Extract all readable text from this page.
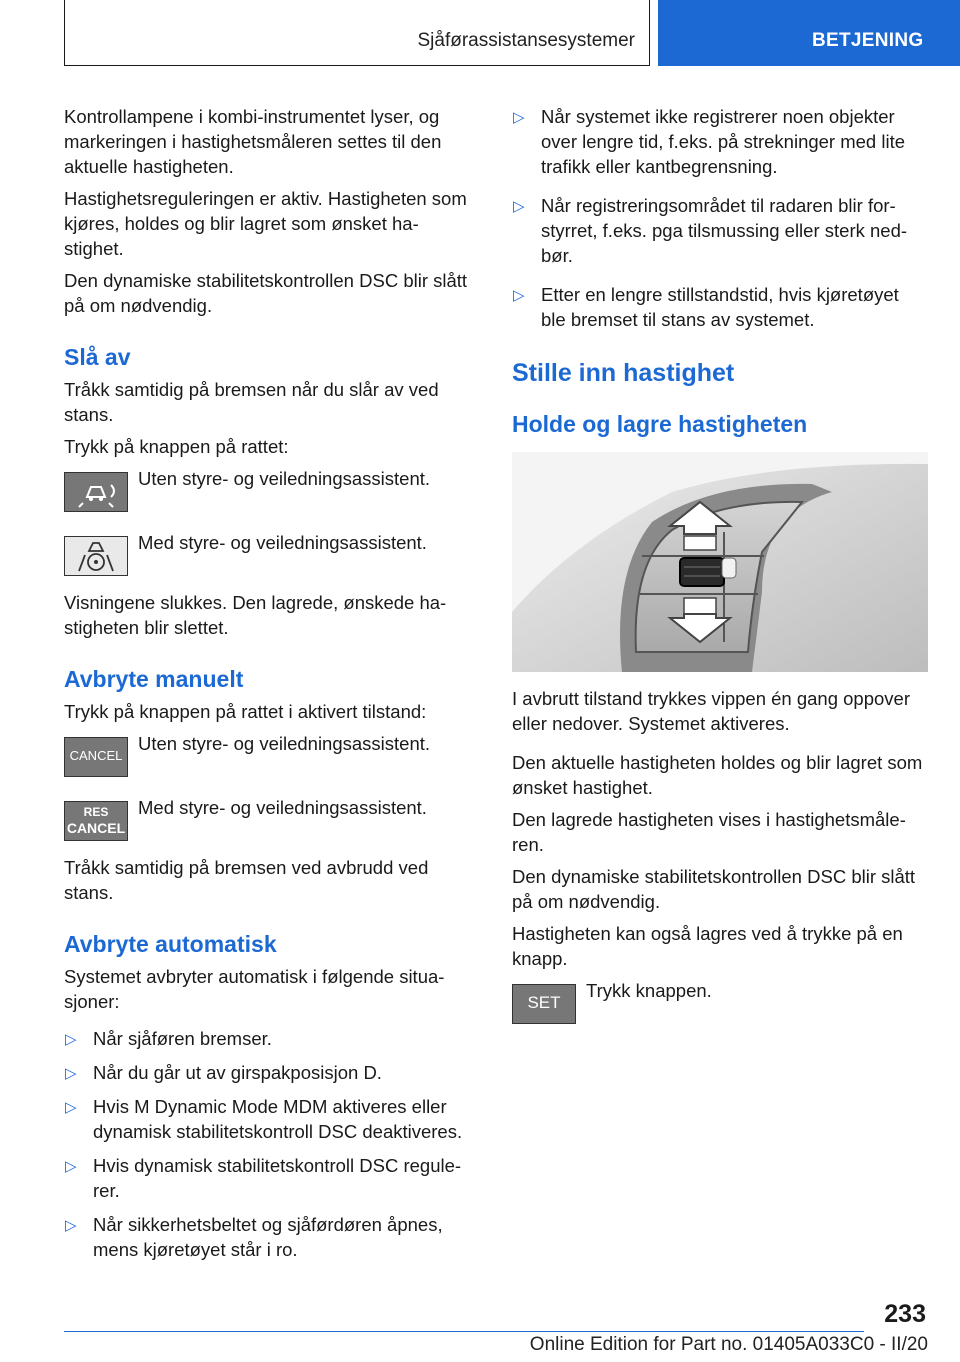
Sjåførassistansesystemer	BETJENING

Kontrollampene i kombi-instrumentet lyser, og markeringen i hastighetsmåleren settes til den aktuelle hastigheten.

Hastighetsreguleringen er aktiv. Hastigheten som kjøres, holdes og blir lagret som ønsket ha-stighet.

Den dynamiske stabilitetskontrollen DSC blir slått på om nødvendig.

Slå av

Tråkk samtidig på bremsen når du slår av ved stans.

Trykk på knappen på rattet:

Uten styre- og veiledningsassistent.
Med styre- og veiledningsassistent.

Visningene slukkes. Den lagrede, ønskede ha-stigheten blir slettet.

Avbryte manuelt

Trykk på knappen på rattet i aktivert tilstand:

CANCEL
Uten styre- og veiledningsassistent.
RES
CANCEL
Med styre- og veiledningsassistent.

Tråkk samtidig på bremsen ved avbrudd ved stans.

Avbryte automatisk

Systemet avbryter automatisk i følgende situa-sjoner:

▷ Når sjåføren bremser.
▷ Når du går ut av girspakposisjon D.
▷ Hvis M Dynamic Mode MDM aktiveres eller dynamisk stabilitetskontroll DSC deaktiveres.
▷ Hvis dynamisk stabilitetskontroll DSC regule-rer.
▷ Når sikkerhetsbeltet og sjåførdøren åpnes, mens kjøretøyet står i ro.
▷ Når systemet ikke registrerer noen objekter over lengre tid, f.eks. på strekninger med lite trafikk eller kantbegrensning.
▷ Når registreringsområdet til radaren blir for-styrret, f.eks. pga tilsmussing eller sterk ned-bør.
▷ Etter en lengre stillstandstid, hvis kjøretøyet ble bremset til stans av systemet.
Stille inn hastighet
Holde og lagre hastigheten

I avbrutt tilstand trykkes vippen én gang oppover eller nedover. Systemet aktiveres.

Den aktuelle hastigheten holdes og blir lagret som ønsket hastighet.

Den lagrede hastigheten vises i hastighetsmåle-ren.

Den dynamiske stabilitetskontrollen DSC blir slått på om nødvendig.

Hastigheten kan også lagres ved å trykke på en knapp.

SET
Trykk knappen.
233
Online Edition for Part no. 01405A033C0 - II/20
